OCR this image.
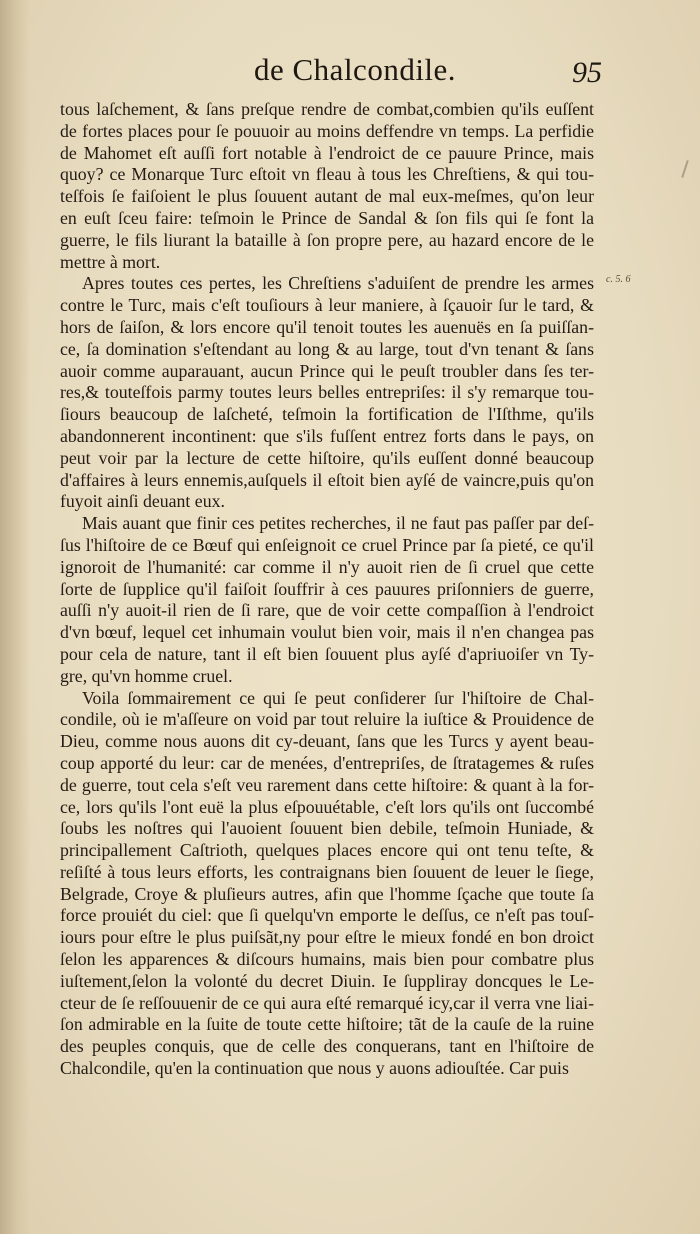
de Chalcondile.	95
c. 5. 6
tous laſchement, & ſans preſque rendre de combat,combien qu'ils euſſent
de fortes places pour ſe pouuoir au moins deffendre vn temps. La perfidie
de Mahomet eſt auſſi fort notable à l'endroict de ce pauure Prince, mais
quoy? ce Monarque Turc eſtoit vn fleau à tous les Chreſtiens, & qui tou-
teſfois ſe faiſoient le plus ſouuent autant de mal eux-meſmes, qu'on leur
en euſt ſceu faire: teſmoin le Prince de Sandal & ſon fils qui ſe font la
guerre, le fils liurant la bataille à ſon propre pere, au hazard encore de le
mettre à mort.
Apres toutes ces pertes, les Chreſtiens s'aduiſent de prendre les armes
contre le Turc, mais c'eſt touſiours à leur maniere, à ſçauoir ſur le tard, &
hors de ſaiſon, & lors encore qu'il tenoit toutes les auenuës en ſa puiſſan-
ce, ſa domination s'eſtendant au long & au large, tout d'vn tenant & ſans
auoir comme auparauant, aucun Prince qui le peuſt troubler dans ſes ter-
res,& touteſfois parmy toutes leurs belles entrepriſes: il s'y remarque tou-
ſiours beaucoup de laſcheté, teſmoin la fortification de l'Iſthme, qu'ils
abandonnerent incontinent: que s'ils fuſſent entrez forts dans le pays, on
peut voir par la lecture de cette hiſtoire, qu'ils euſſent donné beaucoup
d'affaires à leurs ennemis,auſquels il eſtoit bien ayſé de vaincre,puis qu'on
fuyoit ainſi deuant eux.
Mais auant que finir ces petites recherches, il ne faut pas paſſer par deſ-
ſus l'hiſtoire de ce Bœuf qui enſeignoit ce cruel Prince par ſa pieté, ce qu'il
ignoroit de l'humanité: car comme il n'y auoit rien de ſi cruel que cette
ſorte de ſupplice qu'il faiſoit ſouffrir à ces pauures priſonniers de guerre,
auſſi n'y auoit-il rien de ſi rare, que de voir cette compaſſion à l'endroict
d'vn bœuf, lequel cet inhumain voulut bien voir, mais il n'en changea pas
pour cela de nature, tant il eſt bien ſouuent plus ayſé d'apriuoiſer vn Ty-
gre, qu'vn homme cruel.
Voila ſommairement ce qui ſe peut conſiderer ſur l'hiſtoire de Chal-
condile, où ie m'aſſeure on void par tout reluire la iuſtice & Prouidence de
Dieu, comme nous auons dit cy-deuant, ſans que les Turcs y ayent beau-
coup apporté du leur: car de menées, d'entrepriſes, de ſtratagemes & ruſes
de guerre, tout cela s'eſt veu rarement dans cette hiſtoire: & quant à la for-
ce, lors qu'ils l'ont euë la plus eſpouuétable, c'eſt lors qu'ils ont ſuccombé
ſoubs les noſtres qui l'auoient ſouuent bien debile, teſmoin Huniade, &
principallement Caſtrioth, quelques places encore qui ont tenu teſte, &
reſiſté à tous leurs efforts, les contraignans bien ſouuent de leuer le ſiege,
Belgrade, Croye & pluſieurs autres, afin que l'homme ſçache que toute ſa
force prouiét du ciel: que ſi quelqu'vn emporte le deſſus, ce n'eſt pas touſ-
iours pour eſtre le plus puiſsãt,ny pour eſtre le mieux fondé en bon droict
ſelon les apparences & diſcours humains, mais bien pour combatre plus
iuſtement,ſelon la volonté du decret Diuin. Ie ſuppliray doncques le Le-
cteur de ſe reſſouuenir de ce qui aura eſté remarqué icy,car il verra vne liai-
ſon admirable en la ſuite de toute cette hiſtoire; tãt de la cauſe de la ruine
des peuples conquis, que de celle des conquerans, tant en l'hiſtoire de
Chalcondile, qu'en la continuation que nous y auons adiouſtée. Car puis
